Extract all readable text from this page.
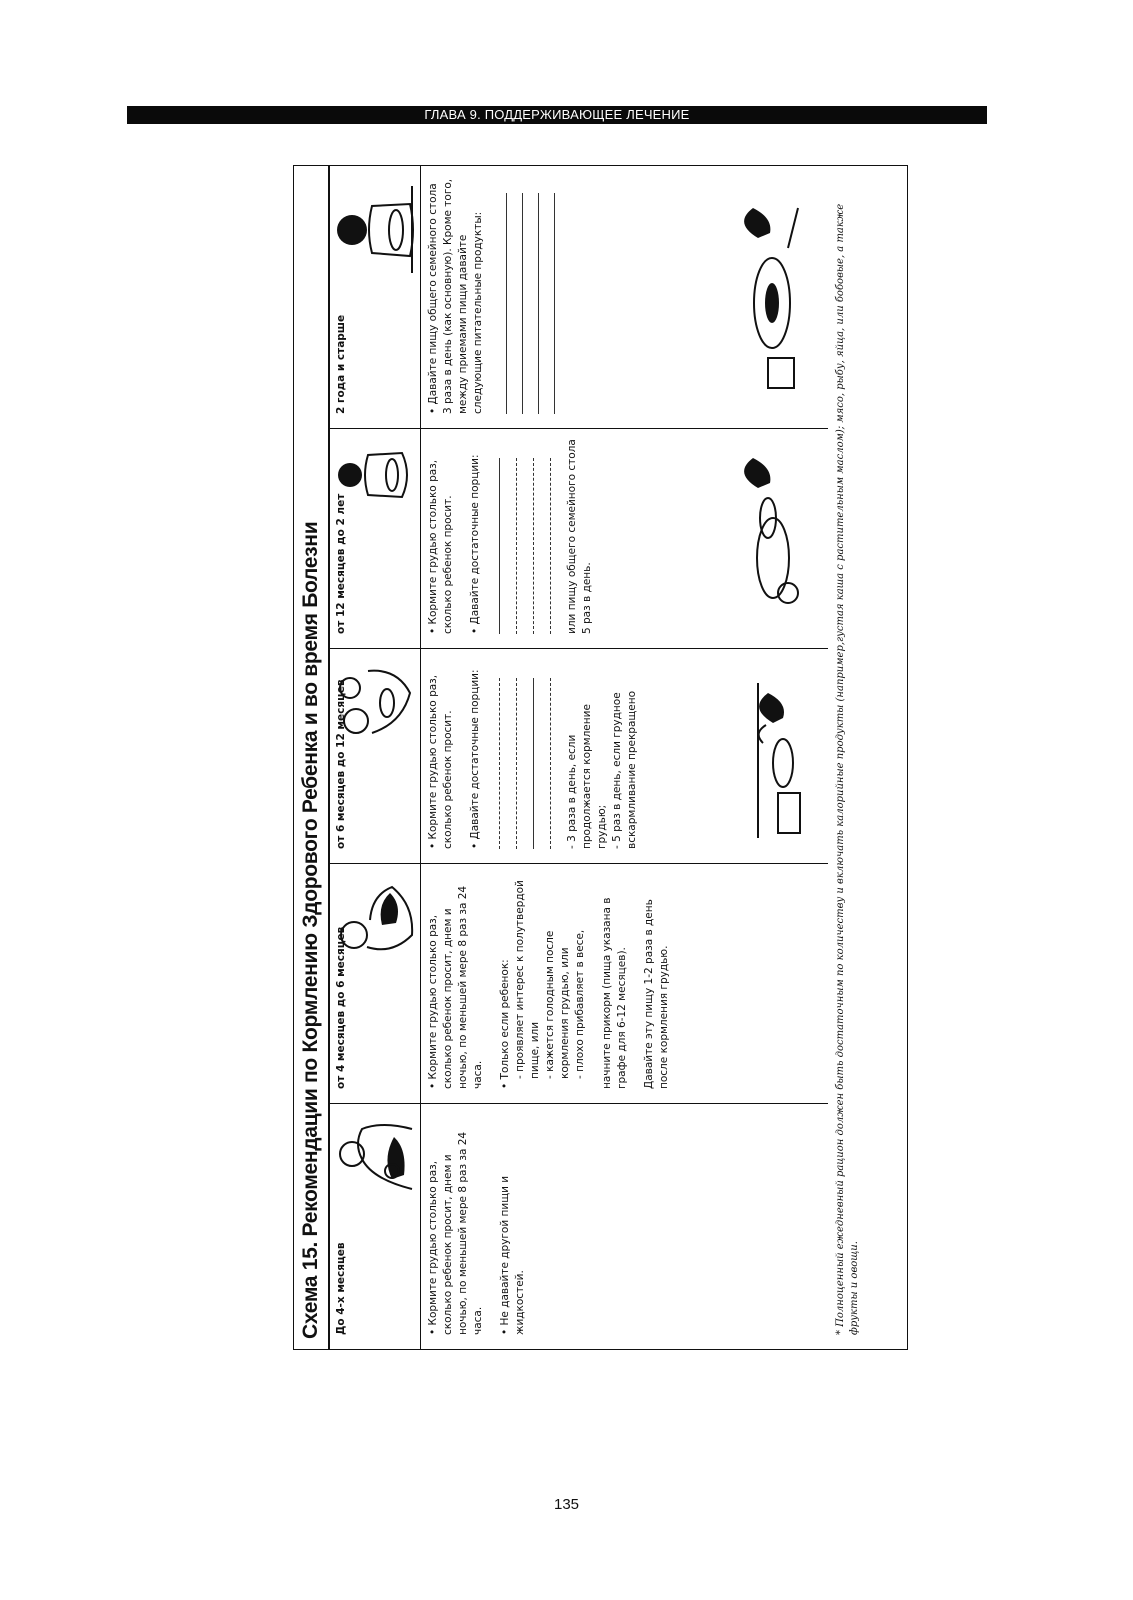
ГЛАВА 9. ПОДДЕРЖИВАЮЩЕЕ ЛЕЧЕНИЕ
Схема 15. Рекомендации по Кормлению Здорового Ребенка и во время Болезни	До 4-х месяцев	• Кормите грудью столько раз, сколько ребенок просит, днем и ночью, по меньшей мере 8 раз за 24 часа. • Не давайте другой пищи и жидкостей.
от 4 месяцев до 6 месяцев	• Кормите грудью столько раз, сколько ребенок просит, днем и ночью, по меньшей мере 8 раз за 24 часа. • Только если ребенок: - проявляет интерес к полутвердой пище, или - кажется голодным после кормления грудью, или - плохо прибавляет в весе, начните прикорм (пища указана в графе для 6-12 месяцев). Давайте эту пищу 1-2 раза в день после кормления грудью.
от 6 месяцев до 12 месяцев	• Кормите грудью столько раз, сколько ребенок просит. • Давайте достаточные порции:	- 3 раза в день, если продолжается кормление грудью; - 5 раз в день, если грудное вскармливание прекращено
от 12 месяцев до 2 лет	• Кормите грудью столько раз, сколько ребенок просит. • Давайте достаточные порции:	или пищу общего семейного стола 5 раз в день.
2 года и старше	• Давайте пищу общего семейного стола 3 раза в день (как основную). Кроме того, между приемами пищи давайте следующие питательные продукты:	* Полноценный ежедневный рацион должен быть достаточным по количеству и включать калорийные продукты (например,густая каша с растительным маслом); мясо, рыбу, яйца, или бобовые, а также фрукты и овощи.
135
